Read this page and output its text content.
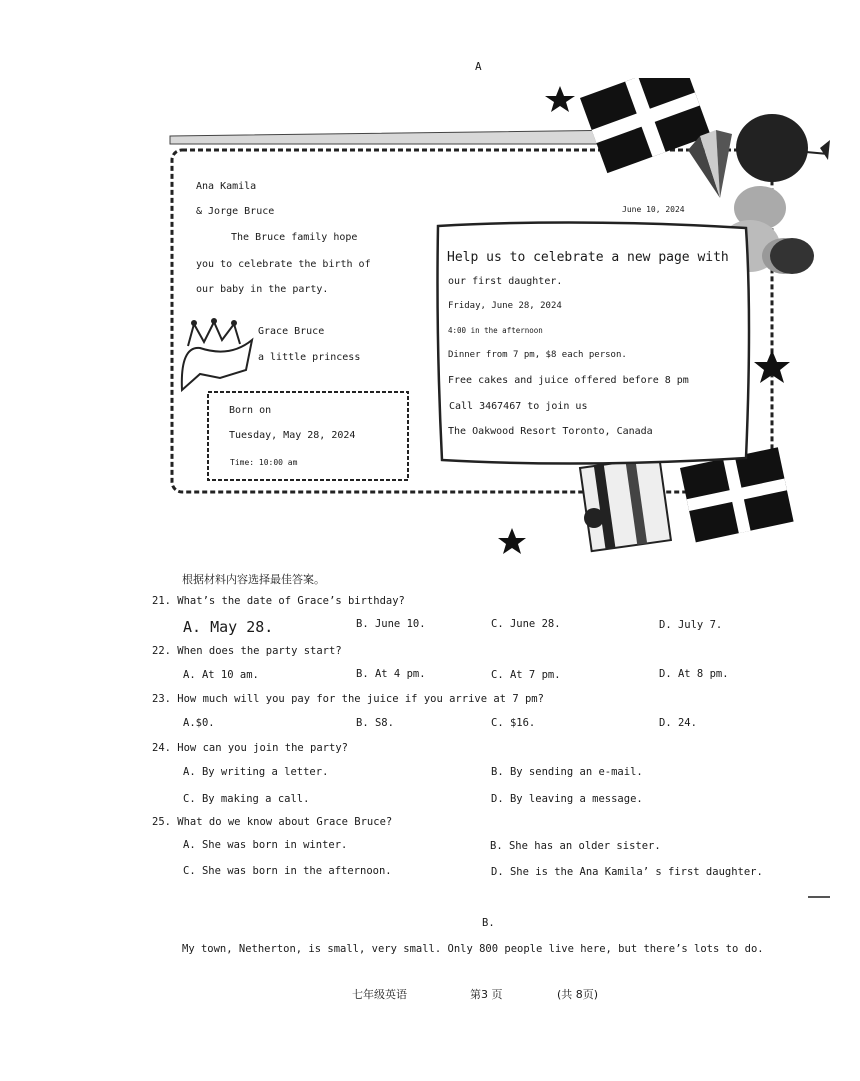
A
Ana Kamila
& Jorge Bruce
The Bruce family hope
you to celebrate the birth of
our baby in the party.
Grace Bruce
a little princess
Born on
Tuesday, May 28, 2024
Time: 10:00 am
June 10, 2024
Help us to celebrate a new page with
our first daughter.
Friday, June 28, 2024
4:00 in the afternoon
Dinner from 7 pm, $8 each person.
Free cakes and juice offered before 8 pm
Call 3467467 to join us
The Oakwood Resort Toronto, Canada
根据材料内容选择最佳答案。
21. What’s the date of Grace’s birthday?
A. May 28.	B. June 10.	C. June 28.	D. July 7.
22. When does the party start?
A. At 10 am.	B. At 4 pm.	C. At 7 pm.	D. At 8 pm.
23. How much will you pay for the juice if you arrive at 7 pm?
A.$0.	B. S8.	C. $16.	D. 24.
24. How can you join the party?
A. By writing a letter.	B. By sending an e-mail.
C. By making a call.	D. By leaving a message.
25. What do we know about Grace Bruce?
A. She was born in winter.	B. She has an older sister.
C. She was born in the afternoon.	D. She is the Ana Kamila’ s first daughter.
B.
My town, Netherton, is small, very small. Only 800 people live here, but there’s lots to do.
七年级英语	第3 页	(共 8页)
